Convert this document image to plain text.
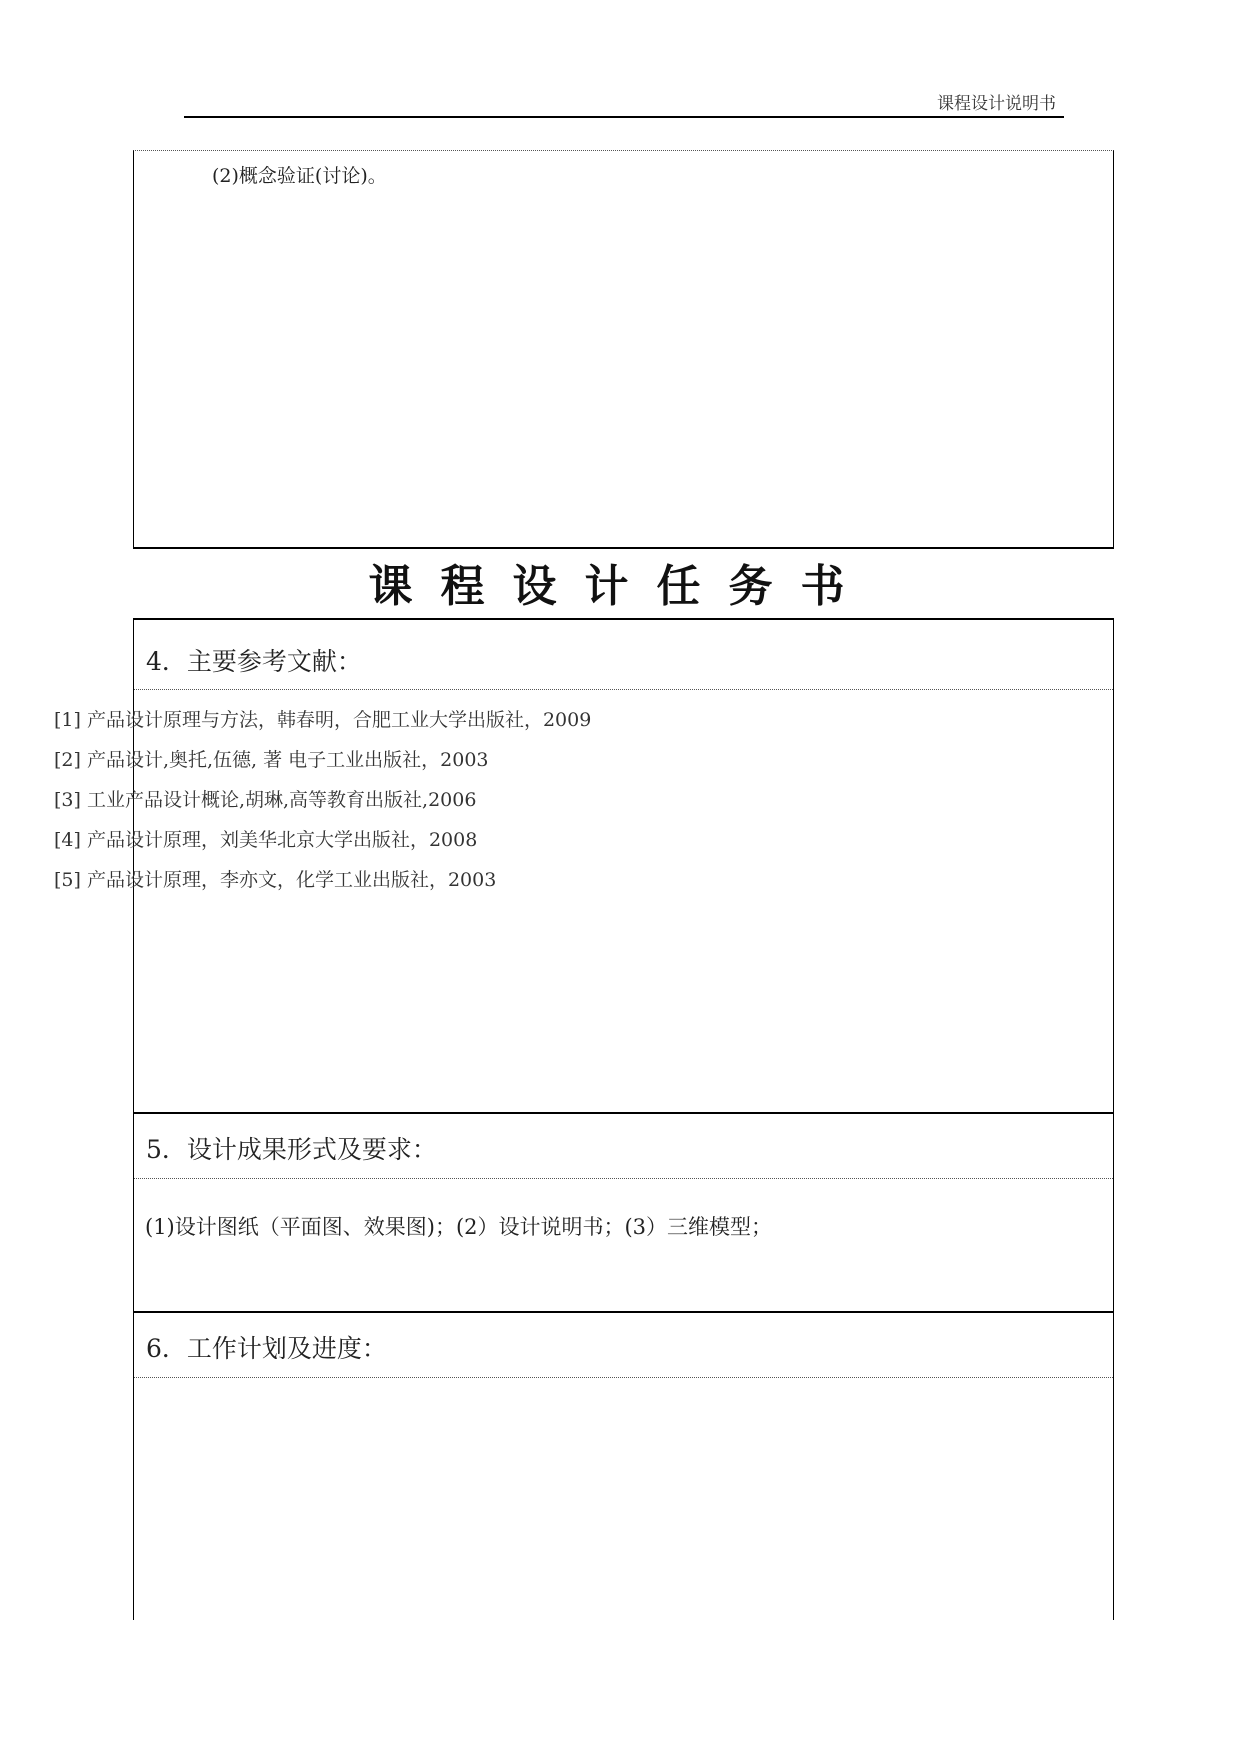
课程设计说明书
(2)概念验证(讨论)。
课程设计任务书
4．主要参考文献：
5．设计成果形式及要求：
6．工作计划及进度：
[1] 产品设计原理与方法，韩春明，合肥工业大学出版社，2009
[2] 产品设计,奥托,伍德, 著 电子工业出版社，2003
[3] 工业产品设计概论,胡琳,高等教育出版社,2006
[4] 产品设计原理，刘美华北京大学出版社，2008
[5] 产品设计原理，李亦文，化学工业出版社，2003
(1)设计图纸（平面图、效果图)；(2）设计说明书；(3）三维模型；
